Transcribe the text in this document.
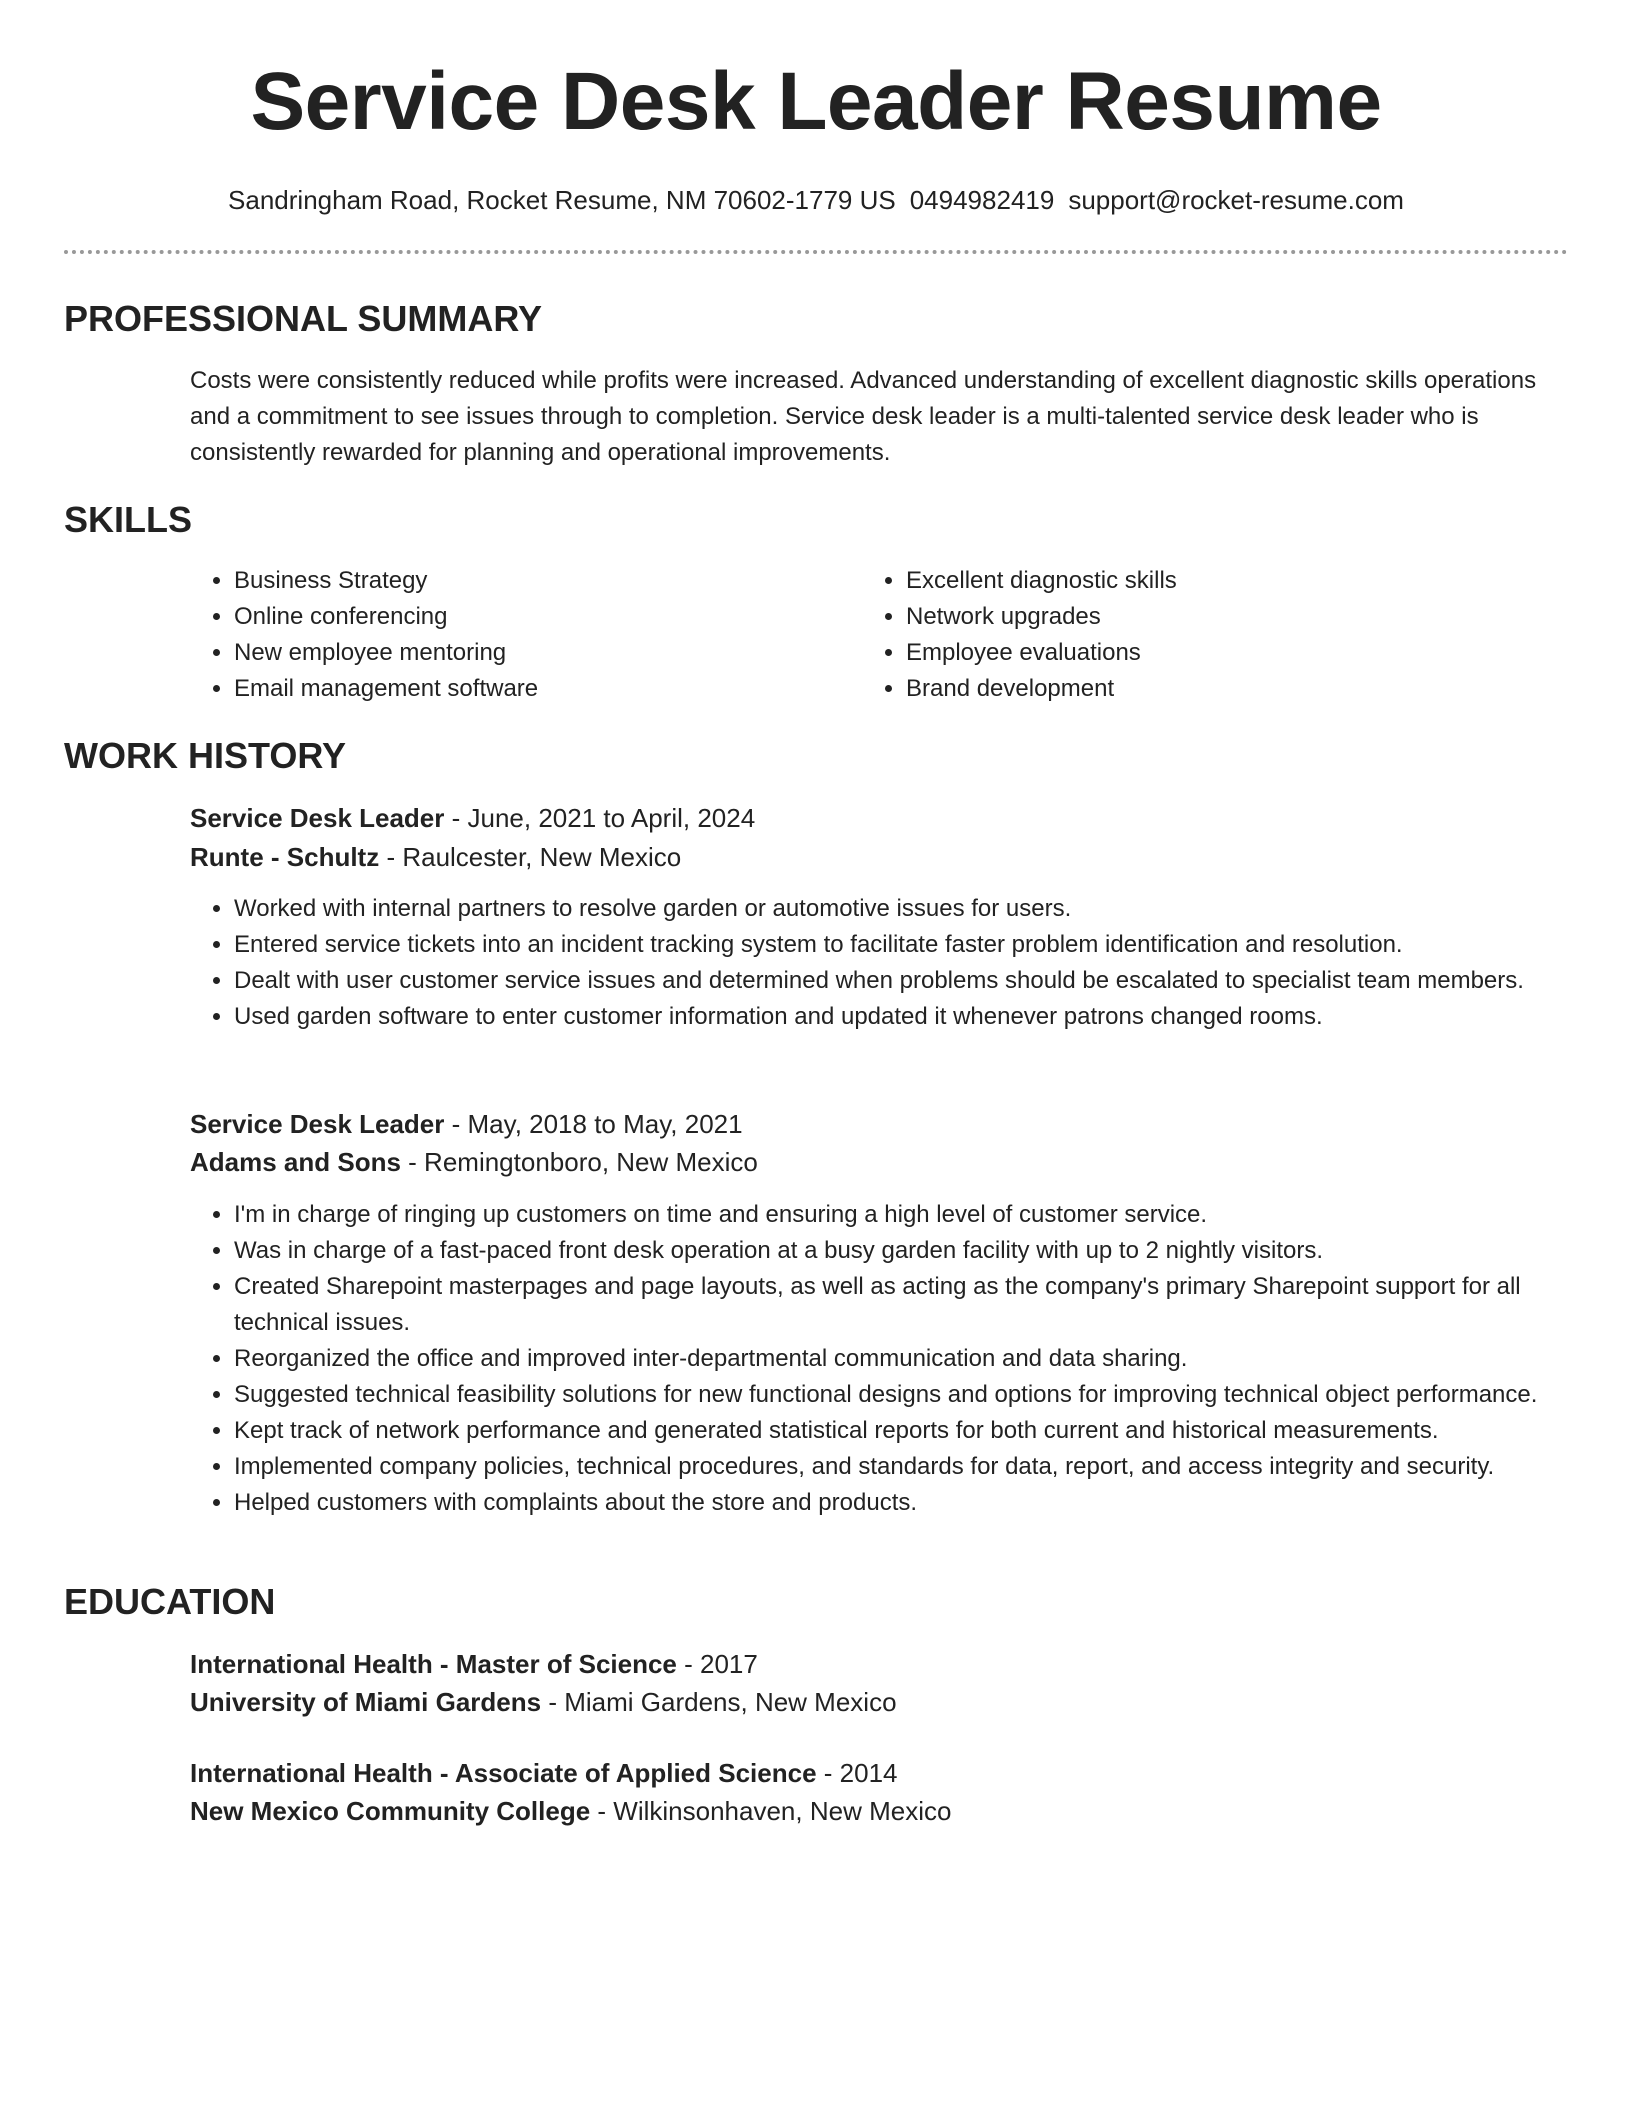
Service Desk Leader Resume
Sandringham Road, Rocket Resume, NM 70602-1779 US 0494982419 support@rocket-resume.com
PROFESSIONAL SUMMARY
Costs were consistently reduced while profits were increased. Advanced understanding of excellent diagnostic skills operations and a commitment to see issues through to completion. Service desk leader is a multi-talented service desk leader who is consistently rewarded for planning and operational improvements.
SKILLS
• Business Strategy
• Online conferencing
• New employee mentoring
• Email management software
• Excellent diagnostic skills
• Network upgrades
• Employee evaluations
• Brand development
WORK HISTORY
Service Desk Leader - June, 2021 to April, 2024
Runte - Schultz - Raulcester, New Mexico
• Worked with internal partners to resolve garden or automotive issues for users.
• Entered service tickets into an incident tracking system to facilitate faster problem identification and resolution.
• Dealt with user customer service issues and determined when problems should be escalated to specialist team members.
• Used garden software to enter customer information and updated it whenever patrons changed rooms.
Service Desk Leader - May, 2018 to May, 2021
Adams and Sons - Remingtonboro, New Mexico
• I'm in charge of ringing up customers on time and ensuring a high level of customer service.
• Was in charge of a fast-paced front desk operation at a busy garden facility with up to 2 nightly visitors.
• Created Sharepoint masterpages and page layouts, as well as acting as the company's primary Sharepoint support for all technical issues.
• Reorganized the office and improved inter-departmental communication and data sharing.
• Suggested technical feasibility solutions for new functional designs and options for improving technical object performance.
• Kept track of network performance and generated statistical reports for both current and historical measurements.
• Implemented company policies, technical procedures, and standards for data, report, and access integrity and security.
• Helped customers with complaints about the store and products.
EDUCATION
International Health - Master of Science - 2017
University of Miami Gardens - Miami Gardens, New Mexico
International Health - Associate of Applied Science - 2014
New Mexico Community College - Wilkinsonhaven, New Mexico
